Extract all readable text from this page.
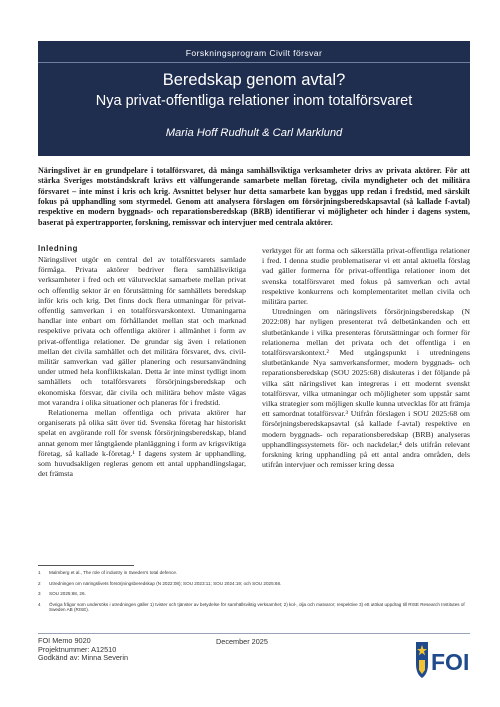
Forskningsprogram Civilt försvar
Beredskap genom avtal?
Nya privat-offentliga relationer inom totalförsvaret
Maria Hoff Rudhult & Carl Marklund

Näringslivet är en grundpelare i totalförsvaret, då många samhällsviktiga verksamheter drivs av privata aktörer. För att stärka Sveriges motståndskraft krävs ett välfungerande samarbete mellan företag, civila myndigheter och det militära försvaret – inte minst i kris och krig. Avsnittet belyser hur detta samarbete kan byggas upp redan i fredstid, med särskilt fokus på upphandling som styrmedel. Genom att analysera förslagen om försörjningsberedskapsavtal (så kallade f-avtal) respektive en modern byggnads- och reparationsberedskap (BRB) identifierar vi möjligheter och hinder i dagens system, baserat på expertrapporter, forskning, remissvar och intervjuer med centrala aktörer.

Inledning

Näringslivet utgör en central del av totalförsvarets samlade förmåga. Privata aktörer bedriver flera samhällsviktiga verksamheter i fred och ett välutvecklat samarbete mellan privat och offentlig sektor är en förutsättning för samhällets beredskap inför kris och krig. Det finns dock flera utmaningar för privat-offentlig samverkan i en totalförsvarskontext. Utmaningarna handlar inte enbart om förhållandet mellan stat och marknad respektive privata och offentliga aktörer i allmänhet i form av privat-offentliga relationer. De grundar sig även i relationen mellan det civila samhället och det militära försvaret, dvs. civil-militär samverkan vad gäller planering och resursanvändning under utmed hela konfliktskalan. Detta är inte minst tydligt inom samhällets och totalförsvarets försörjningsberedskap och ekonomiska försvar, där civila och militära behov måste vägas mot varandra i olika situationer och planeras för i fredstid.

Relationerna mellan offentliga och privata aktörer har organiserats på olika sätt över tid. Svenska företag har historiskt spelat en avgörande roll för svensk försörjningsberedskap, bland annat genom mer långtgående planläggning i form av krigsviktiga företag, så kallade k-företag.¹ I dagens system är upphandling, som huvudsakligen regleras genom ett antal upphandlingslagar, det främsta

verktyget för att forma och säkerställa privat-offentliga relationer i fred. I denna studie problematiserar vi ett antal aktuella förslag vad gäller formerna för privat-offentliga relationer inom det svenska totalförsvaret med fokus på samverkan och avtal respektive konkurrens och komplementaritet mellan civila och militära parter.

Utredningen om näringslivets försörjningsberedskap (N 2022:08) har nyligen presenterat två delbetänkanden och ett slutbetänkande i vilka presenteras förutsättningar och former för relationerna mellan det privata och det offentliga i en totalförsvarskontext.² Med utgångspunkt i utredningens slutbetänkande Nya samverkansformer, modern byggnads- och reparationsberedskap (SOU 2025:68) diskuteras i det följande på vilka sätt näringslivet kan integreras i ett modernt svenskt totalförsvar, vilka utmaningar och möjligheter som uppstår samt vilka strategier som möjligen skulle kunna utvecklas för att främja ett samordnat totalförsvar.³ Utifrån förslagen i SOU 2025:68 om försörjningsberedskapsavtal (så kallade f-avtal) respektive en modern byggnads- och reparationsberedskap (BRB) analyseras upphandlingssystemets för- och nackdelar,⁴ dels utifrån relevant forskning kring upphandling på ett antal andra områden, dels utifrån intervjuer och remisser kring dessa

1	Malmberg et al., The role of industry in Sweden's total defence.
2	Utredningen om näringslivets försörjningsberedskap (N 2022:08); SOU 2023:11; SOU 2024:19; och SOU 2025:68.
3	SOU 2025:68, 26.
4	Övriga frågor som undersöks i utredningen gäller 1) tvister och tjänster av betydelse för samhällsviktig verksamhet; 2) kol-, olja och matvaror; respektive 3) ett utökat uppdrag till RISE Research Institutes of Sweden AB (RISE).
FOI Memo 9020
Projektnummer: A12510
Godkänd av: Minna Severin
December 2025
FOI
